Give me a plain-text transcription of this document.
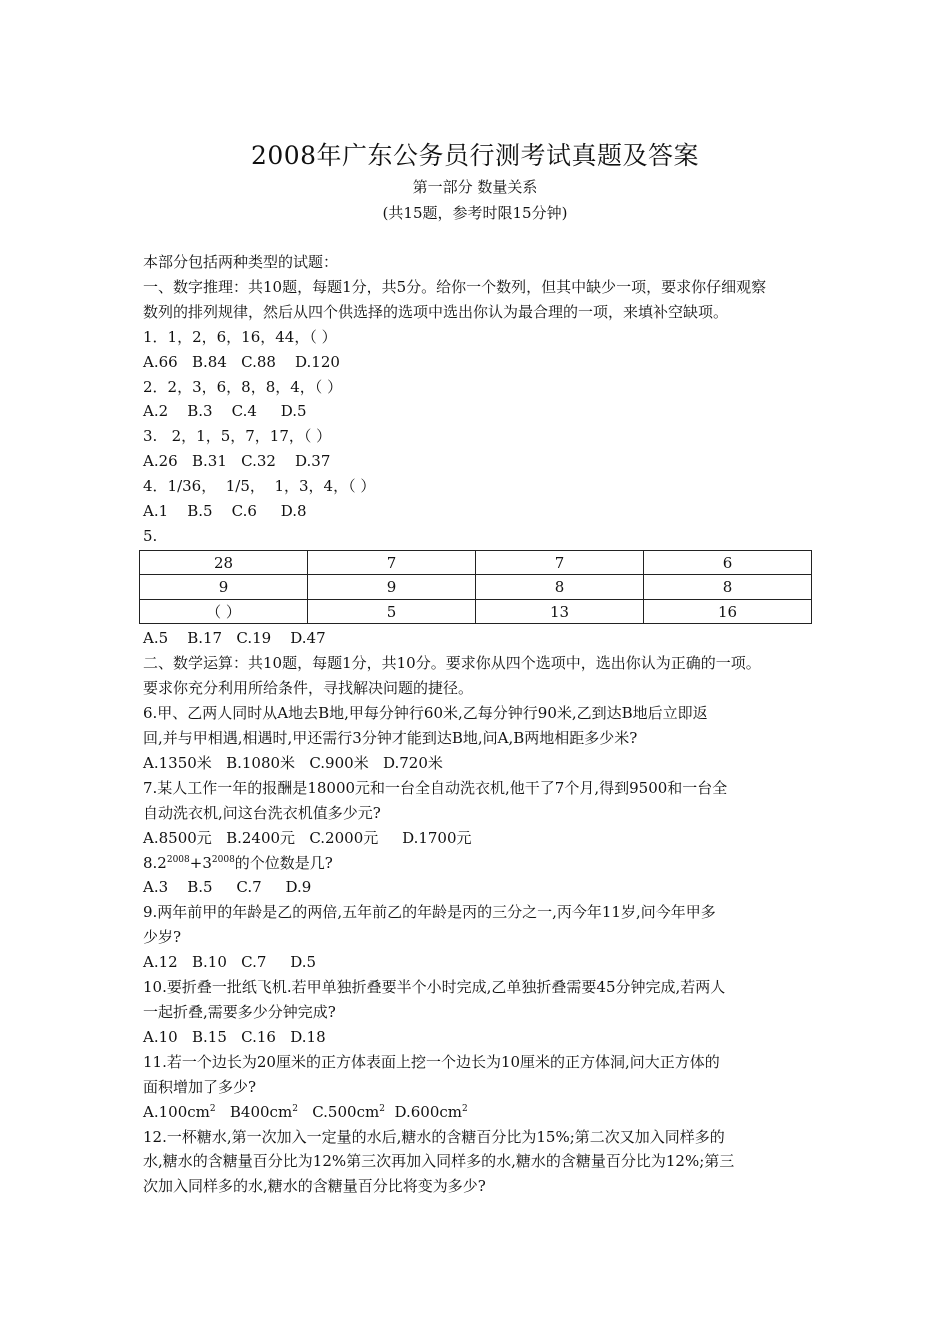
2008年广东公务员行测考试真题及答案
第一部分 数量关系
(共15题，参考时限15分钟)

本部分包括两种类型的试题：

一、数字推理：共10题，每题1分，共5分。给你一个数列，但其中缺少一项，要求你仔细观察

数列的排列规律，然后从四个供选择的选项中选出你认为最合理的一项，来填补空缺项。

1．1，2，6，16，44，（ ）

A.66   B.84   C.88    D.120

2．2，3，6，8，8，4，（ ）

A.2    B.3    C.4     D.5

3.   2，1，5，7，17，（ ）

A.26   B.31   C.32    D.37

4．1/36，  1/5，  1，3，4，（ ）

A.1    B.5    C.6     D.8

5.

28	7	7	6
9	9	8	8
（ ）	5	13	16

A.5    B.17   C.19    D.47

二、数学运算：共10题，每题1分，共10分。要求你从四个选项中，选出你认为正确的一项。

要求你充分利用所给条件，寻找解决问题的捷径。

6.甲、乙两人同时从A地去B地,甲每分钟行60米,乙每分钟行90米,乙到达B地后立即返

回,并与甲相遇,相遇时,甲还需行3分钟才能到达B地,问A,B两地相距多少米?

A.1350米   B.1080米   C.900米   D.720米

7.某人工作一年的报酬是18000元和一台全自动洗衣机,他干了7个月,得到9500和一台全

自动洗衣机,问这台洗衣机值多少元?

A.8500元   B.2400元   C.2000元     D.1700元

$8.2^{2008}+3^{2008}$的个位数是几?

A.3    B.5     C.7     D.9

9.两年前甲的年龄是乙的两倍,五年前乙的年龄是丙的三分之一,丙今年11岁,问今年甲多

少岁?

A.12   B.10   C.7     D.5

10.要折叠一批纸飞机.若甲单独折叠要半个小时完成,乙单独折叠需要45分钟完成,若两人

一起折叠,需要多少分钟完成?

A.10   B.15   C.16   D.18

11.若一个边长为20厘米的正方体表面上挖一个边长为10厘米的正方体洞,问大正方体的

面积增加了多少?

$A.100cm^2$   $B400cm^2$   $C.500cm^2$  $D.600cm^2$

12.一杯糖水,第一次加入一定量的水后,糖水的含糖百分比为15%;第二次又加入同样多的

水,糖水的含糖量百分比为12%第三次再加入同样多的水,糖水的含糖量百分比为12%;第三

次加入同样多的水,糖水的含糖量百分比将变为多少?
